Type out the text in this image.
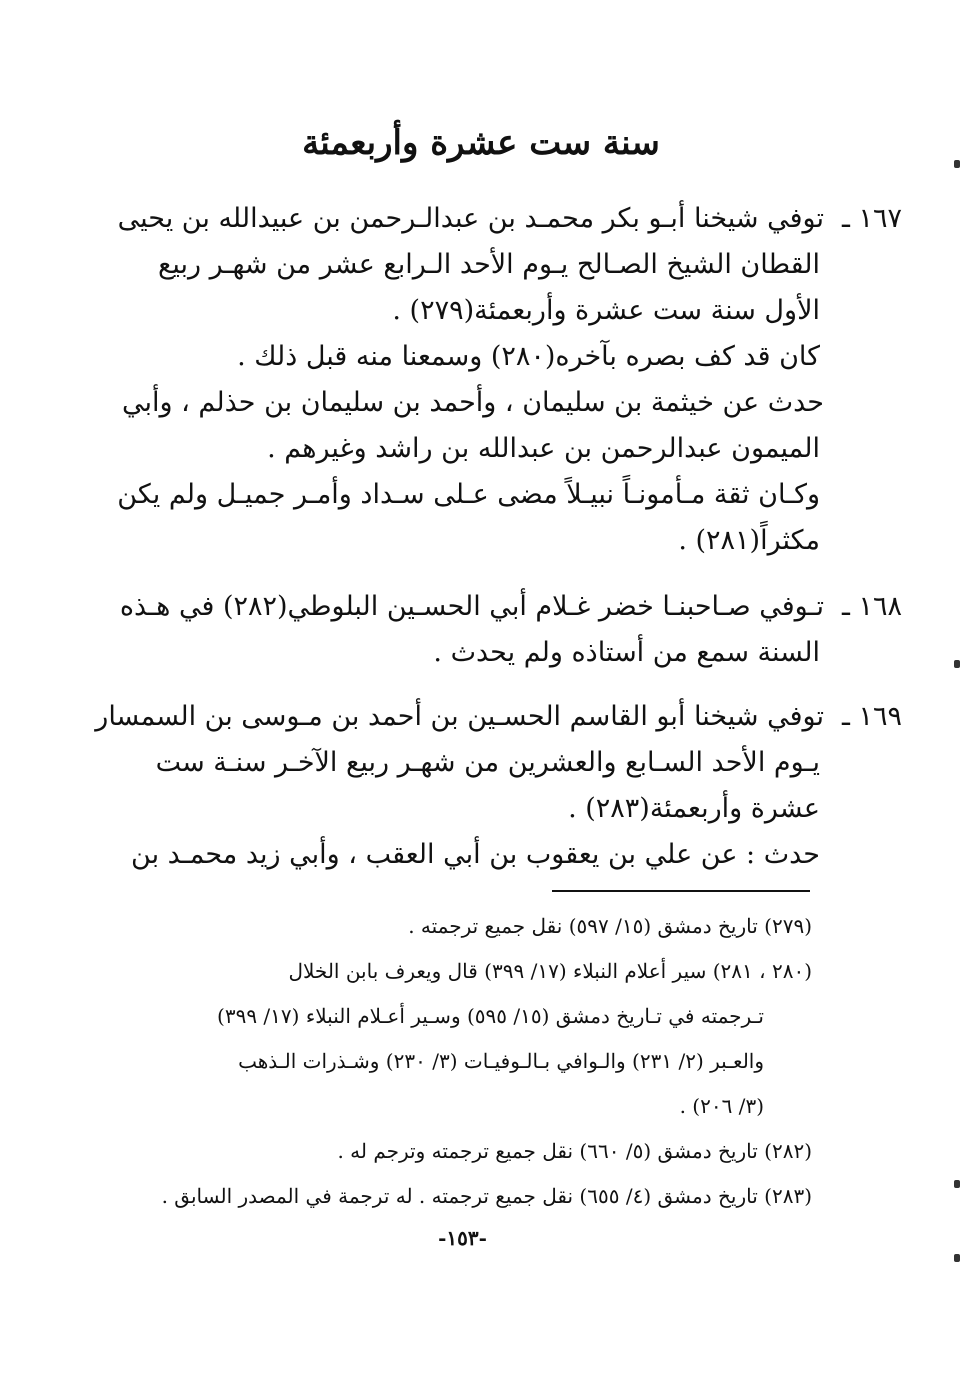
سنة ست عشرة وأربعمئة
١٦٧ ـ
توفي شيخنا أبـو بكر محمـد بن عبدالـرحمن بن عبيدالله بن يحيى
القطان الشيخ الصـالح يـوم الأحد الـرابع عشر من شهـر ربيع
الأول سنة ست عشرة وأربعمئة(٢٧٩) .
كان قد كف بصره بآخره(٢٨٠) وسمعنا منه قبل ذلك .
حدث عن خيثمة بن سليمان ، وأحمد بن سليمان بن حذلم ، وأبي
الميمون عبدالرحمن بن عبدالله بن راشد وغيرهم .
وكـان ثقة مـأمونـاً نبيـلاً مضى عـلى سـداد وأمـر جميـل ولم يكن
مكثراً(٢٨١) .
١٦٨ ـ
تـوفي صـاحبنـا خضر غـلام أبي الحسـين البلوطي(٢٨٢) في هـذه
السنة سمع من أستاذه ولم يحدث .
١٦٩ ـ
توفي شيخنا أبو القاسم الحسـين بن أحمد بن مـوسى بن السمسار
يـوم الأحد السـابع والعشرين من شهـر ربيع الآخـر سنـة ست
عشرة وأربعمئة(٢٨٣) .
حدث : عن علي بن يعقوب بن أبي العقب ، وأبي زيد محمـد بن
(٢٧٩) تاريخ دمشق (١٥/ ٥٩٧) نقل جميع ترجمته .
(٢٨٠ ، ٢٨١) سير أعلام النبلاء (١٧/ ٣٩٩) قال ويعرف بابن الخلال
تـرجمته في تـاريخ دمشق (١٥/ ٥٩٥) وسـير أعـلام النبلاء (١٧/ ٣٩٩)
والعـبر (٢/ ٢٣١) والـوافي بـالـوفيـات (٣/ ٢٣٠) وشـذرات الـذهب
(٣/ ٢٠٦) .
(٢٨٢) تاريخ دمشق (٥/ ٦٦٠) نقل جميع ترجمته وترجم له .
(٢٨٣) تاريخ دمشق (٤/ ٦٥٥) نقل جميع ترجمته . له ترجمة في المصدر السابق .
-١٥٣-
